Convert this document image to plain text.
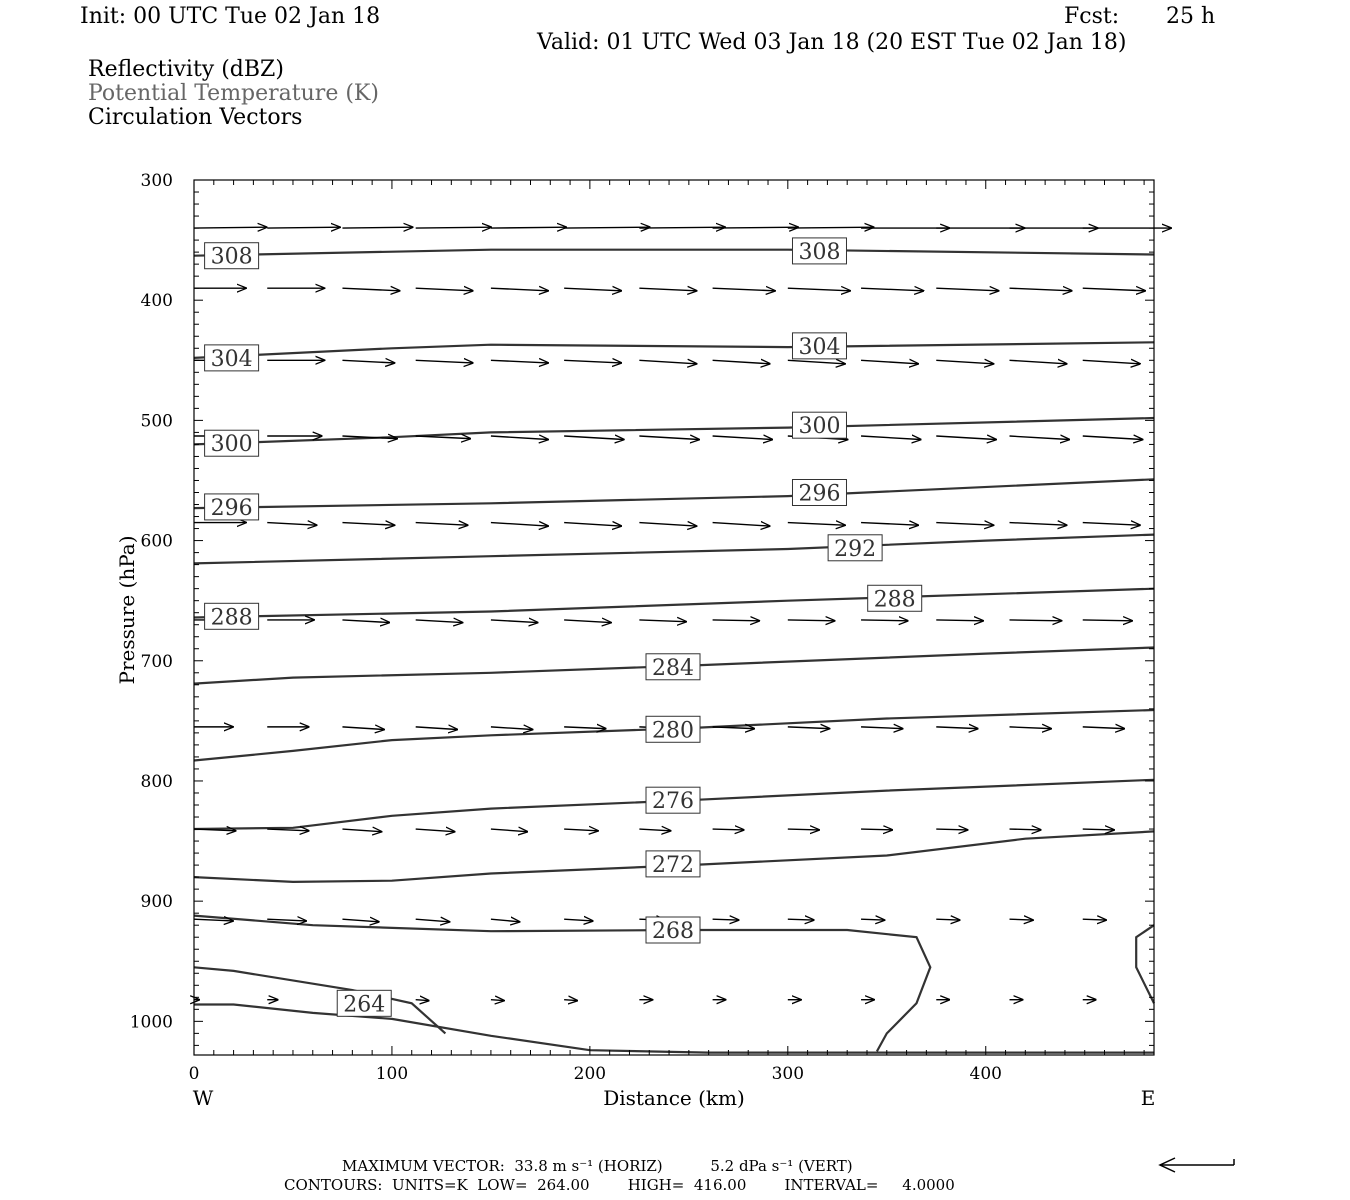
Init: 00 UTC Tue 02 Jan 18	Fcst: 25 h
Valid: 01 UTC Wed 03 Jan 18 (20 EST Tue 02 Jan 18)
Reflectivity (dBZ)
Potential Temperature (K)
Circulation Vectors
308	308
304	304
300
300
296
296
292
288
288
284
280
276
272
268
264
0	100	200	300	400
300
400
500
600
700
800
900
1000
Pressure (hPa)
Distance (km)
W	E
MAXIMUM VECTOR:  33.8 m s⁻¹ (HORIZ)          5.2 dPa s⁻¹ (VERT)
CONTOURS:  UNITS=K  LOW=  264.00        HIGH=  416.00        INTERVAL=     4.0000
